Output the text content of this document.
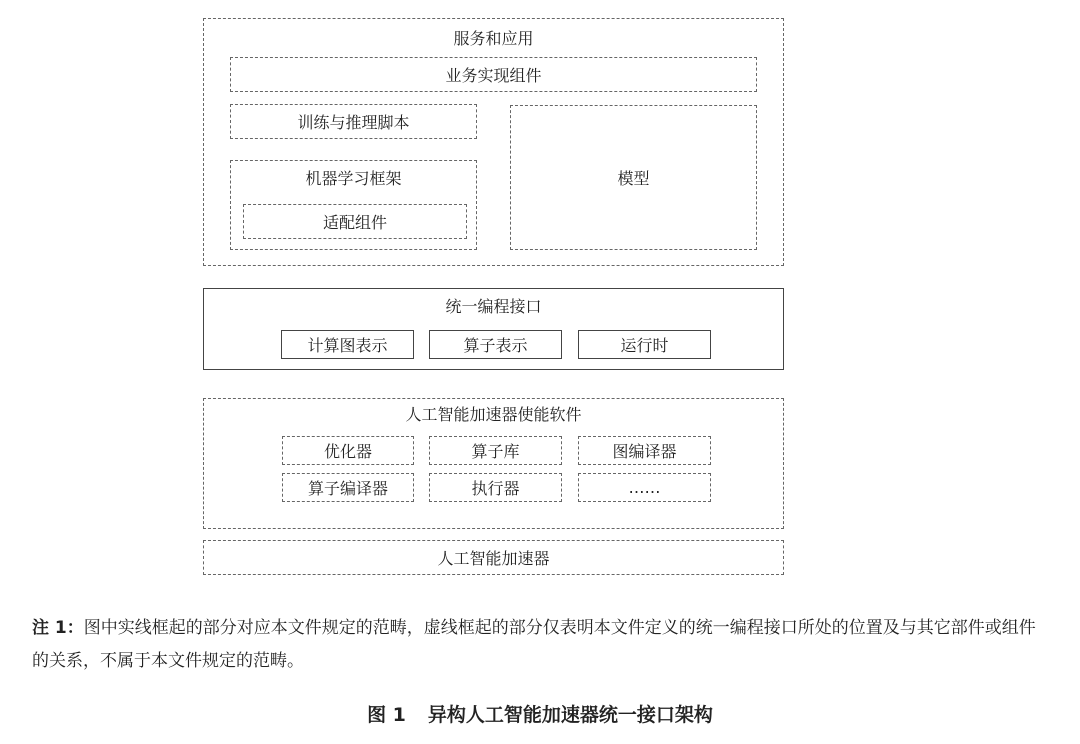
服务和应用
业务实现组件
训练与推理脚本
机器学习框架
适配组件
模型
统一编程接口
计算图表示	算子表示	运行时
人工智能加速器使能软件
优化器	算子库	图编译器
算子编译器	执行器	……
人工智能加速器
注 1：图中实线框起的部分对应本文件规定的范畴，虚线框起的部分仅表明本文件定义的统一编程接口所处的位置及与其它部件或组件的关系，不属于本文件规定的范畴。
图 1 异构人工智能加速器统一接口架构
